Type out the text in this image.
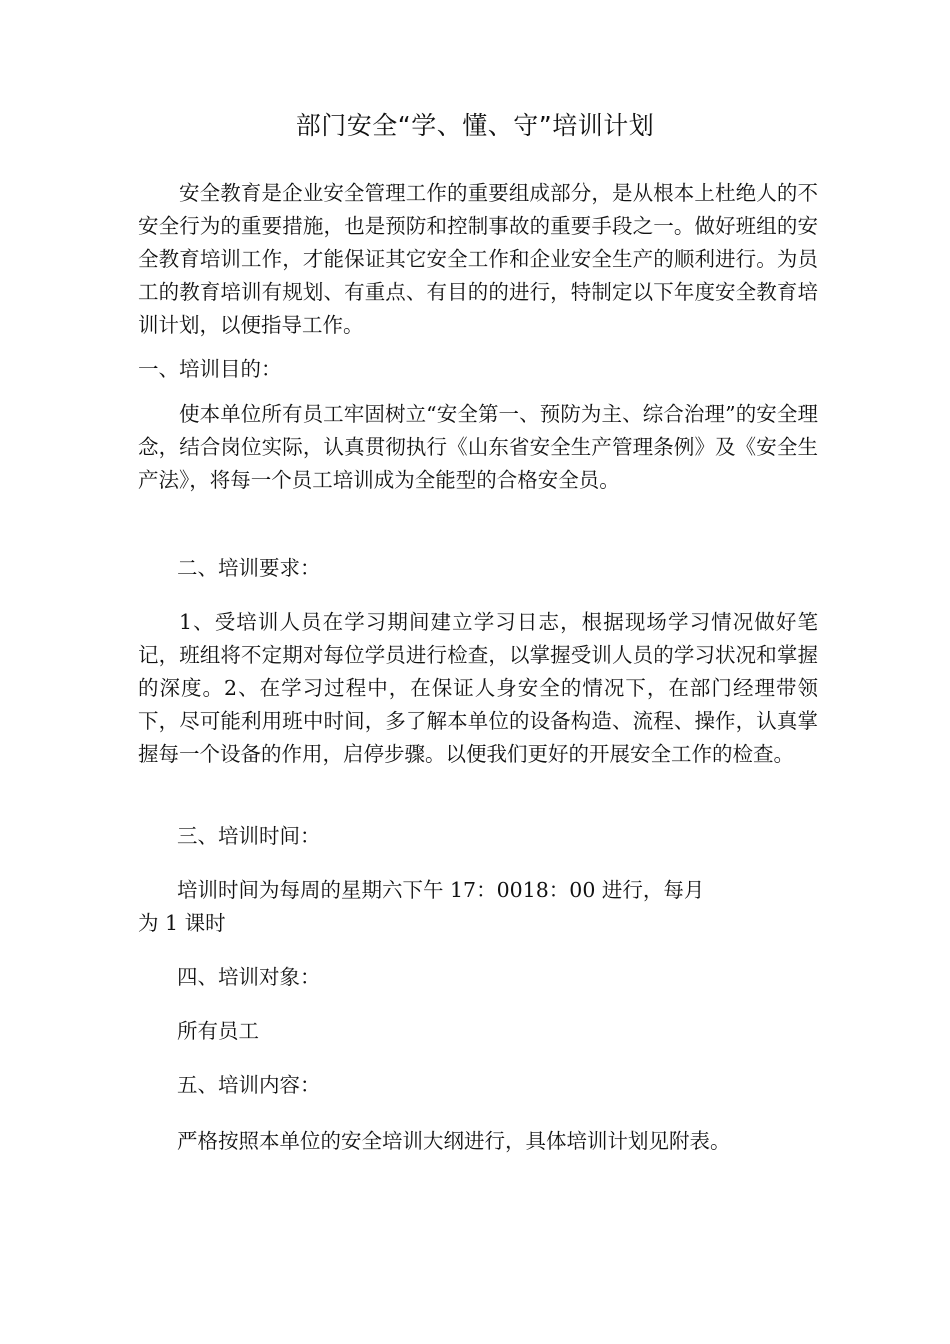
部门安全“学、懂、守”培训计划

安全教育是企业安全管理工作的重要组成部分，是从根本上杜绝人的不安全行为的重要措施，也是预防和控制事故的重要手段之一。做好班组的安全教育培训工作，才能保证其它安全工作和企业安全生产的顺利进行。为员工的教育培训有规划、有重点、有目的的进行，特制定以下年度安全教育培训计划，以便指导工作。

一、培训目的：

使本单位所有员工牢固树立“安全第一、预防为主、综合治理”的安全理念，结合岗位实际，认真贯彻执行《山东省安全生产管理条例》及《安全生产法》，将每一个员工培训成为全能型的合格安全员。

二、培训要求：

1、受培训人员在学习期间建立学习日志，根据现场学习情况做好笔记，班组将不定期对每位学员进行检查，以掌握受训人员的学习状况和掌握的深度。2、在学习过程中，在保证人身安全的情况下，在部门经理带领下，尽可能利用班中时间，多了解本单位的设备构造、流程、操作，认真掌握每一个设备的作用，启停步骤。以便我们更好的开展安全工作的检查。

三、培训时间：

培训时间为每周的星期六下午 17：0018：00 进行，每月

为 1 课时

四、培训对象：

所有员工

五、培训内容：

严格按照本单位的安全培训大纲进行，具体培训计划见附表。
